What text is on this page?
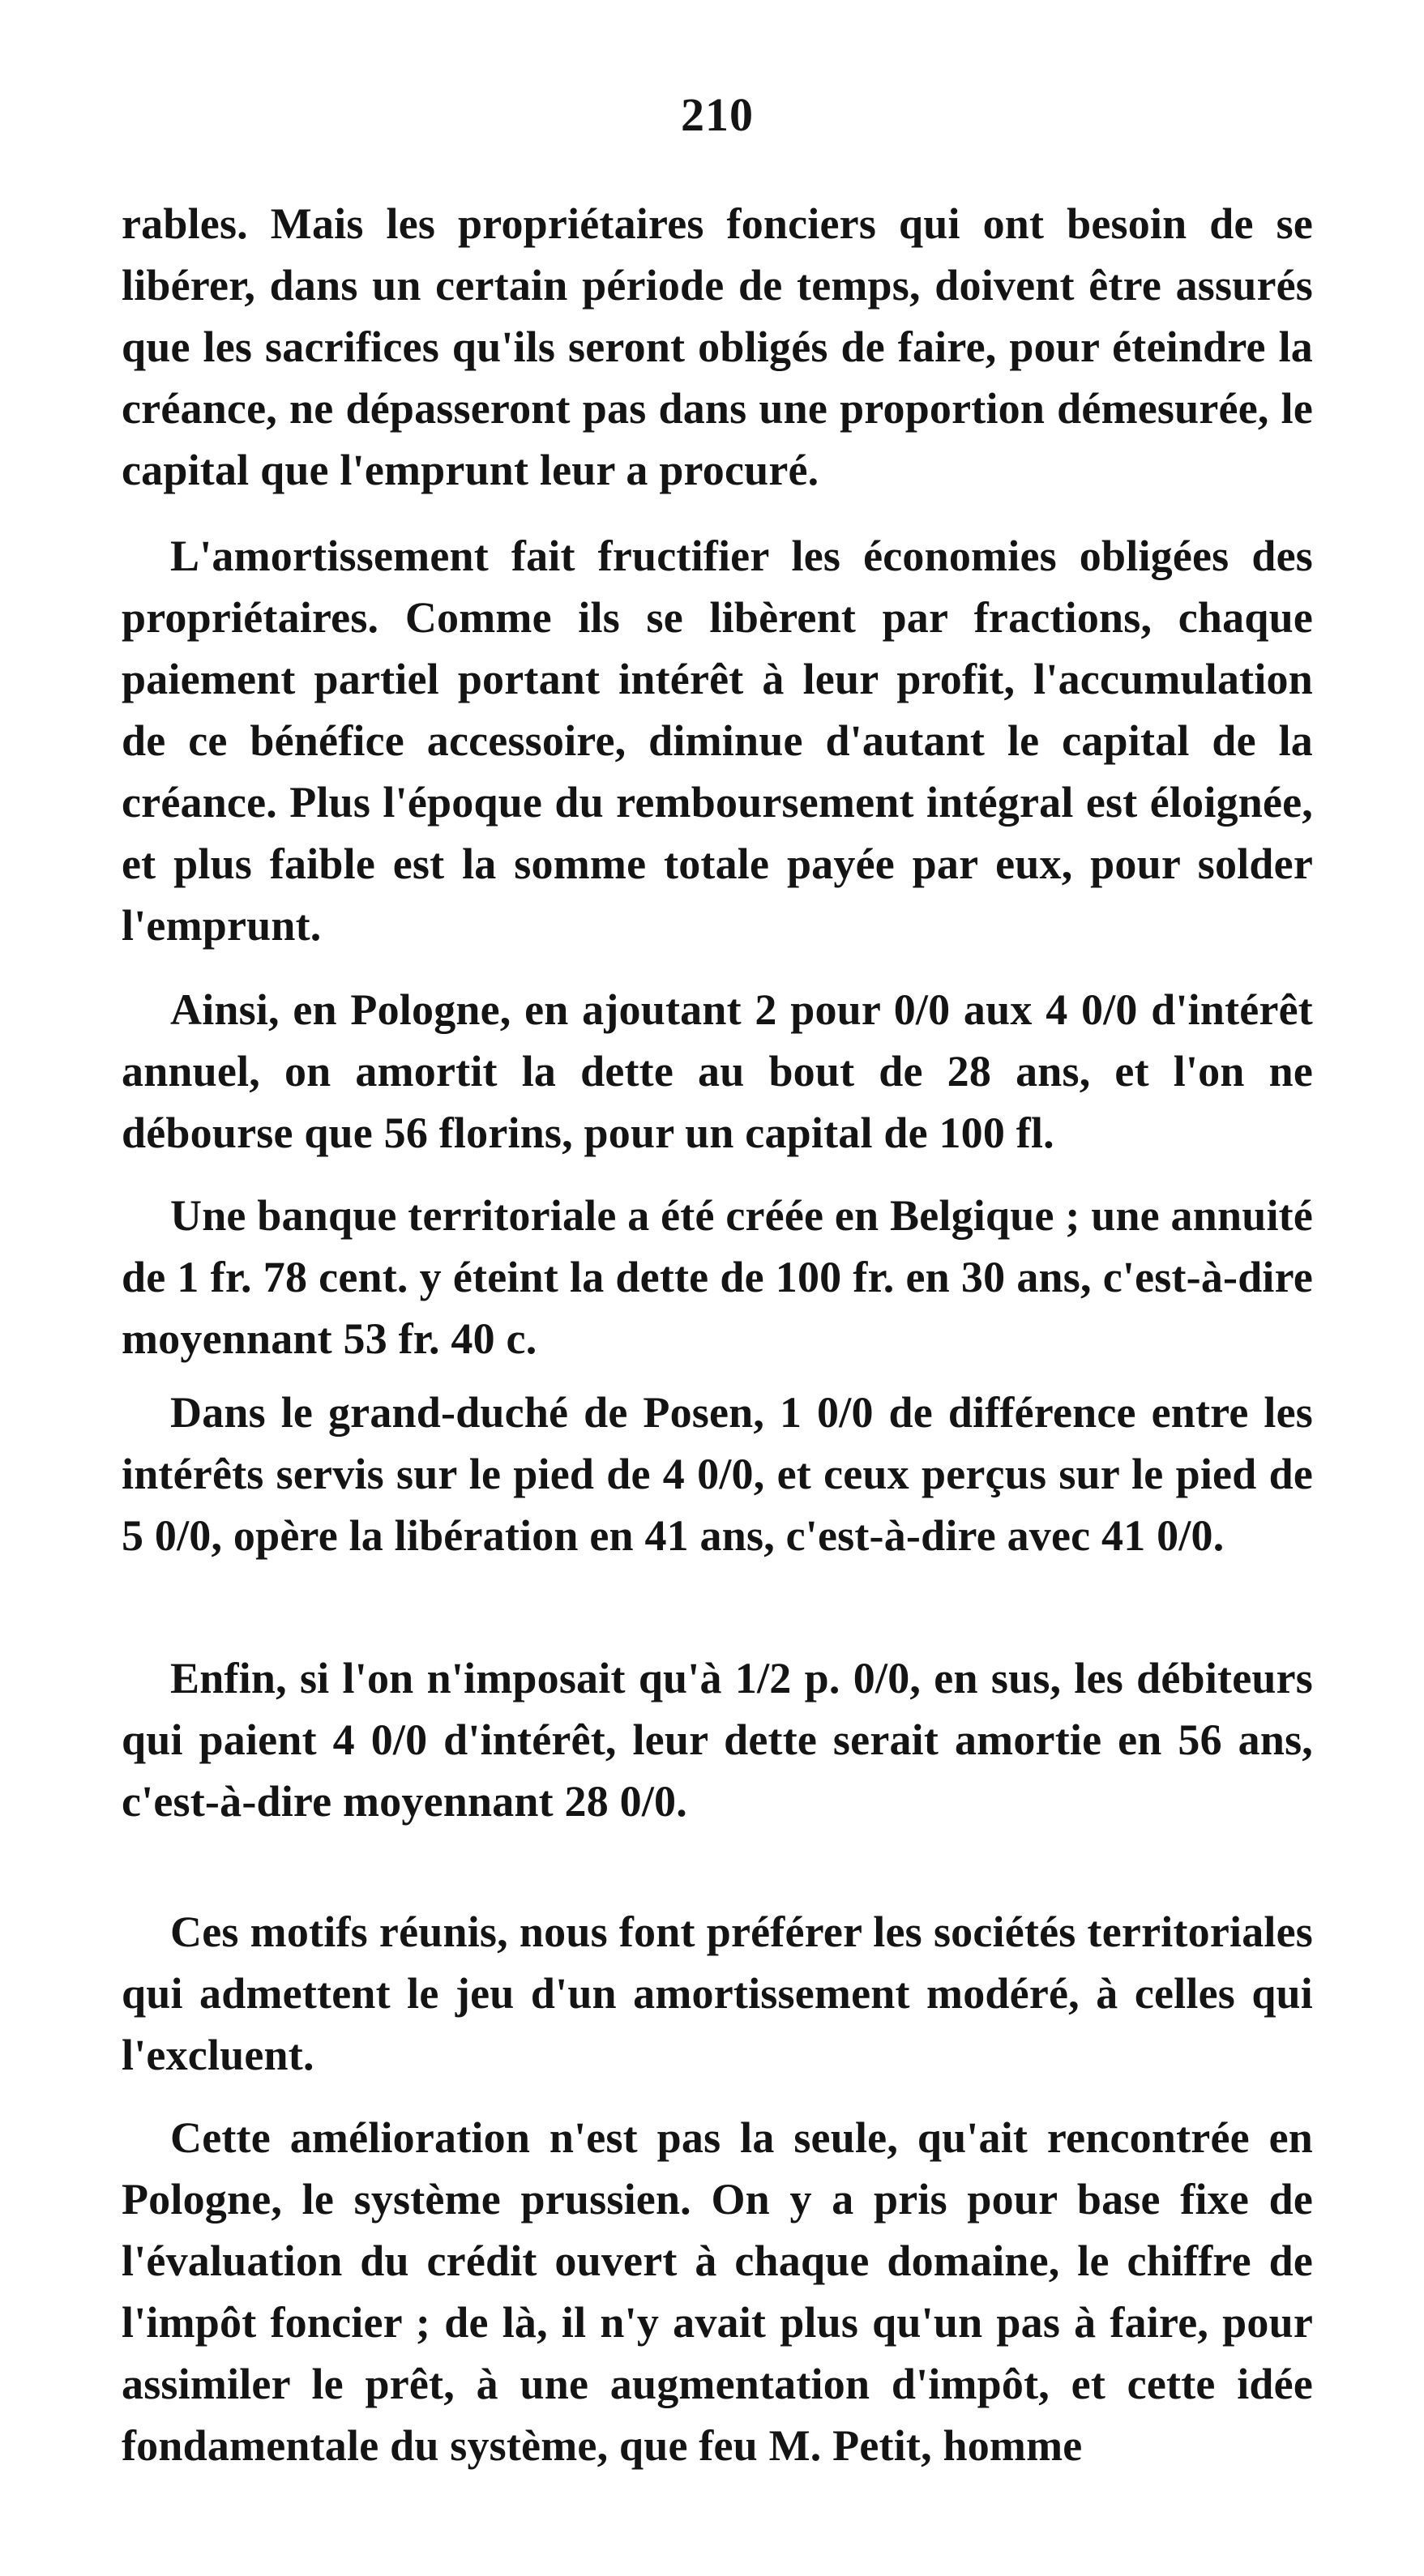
210

rables. Mais les propriétaires fonciers qui ont besoin de se libérer, dans un certain période de temps, doivent être assurés que les sacrifices qu'ils seront obligés de faire, pour éteindre la créance, ne dépasseront pas dans une proportion démesurée, le capital que l'emprunt leur a procuré.

L'amortissement fait fructifier les économies obligées des propriétaires. Comme ils se libèrent par fractions, chaque paiement partiel portant intérêt à leur profit, l'accumulation de ce bénéfice accessoire, diminue d'autant le capital de la créance. Plus l'époque du remboursement intégral est éloignée, et plus faible est la somme totale payée par eux, pour solder l'emprunt.

Ainsi, en Pologne, en ajoutant 2 pour 0/0 aux 4 0/0 d'intérêt annuel, on amortit la dette au bout de 28 ans, et l'on ne débourse que 56 florins, pour un capital de 100 fl.

Une banque territoriale a été créée en Belgique ; une annuité de 1 fr. 78 cent. y éteint la dette de 100 fr. en 30 ans, c'est-à-dire moyennant 53 fr. 40 c.

Dans le grand-duché de Posen, 1 0/0 de différence entre les intérêts servis sur le pied de 4 0/0, et ceux perçus sur le pied de 5 0/0, opère la libération en 41 ans, c'est-à-dire avec 41 0/0.

Enfin, si l'on n'imposait qu'à 1/2 p. 0/0, en sus, les débiteurs qui paient 4 0/0 d'intérêt, leur dette serait amortie en 56 ans, c'est-à-dire moyennant 28 0/0.

Ces motifs réunis, nous font préférer les sociétés territoriales qui admettent le jeu d'un amortissement modéré, à celles qui l'excluent.

Cette amélioration n'est pas la seule, qu'ait rencontrée en Pologne, le système prussien. On y a pris pour base fixe de l'évaluation du crédit ouvert à chaque domaine, le chiffre de l'impôt foncier ; de là, il n'y avait plus qu'un pas à faire, pour assimiler le prêt, à une augmentation d'impôt, et cette idée fondamentale du système, que feu M. Petit, homme
